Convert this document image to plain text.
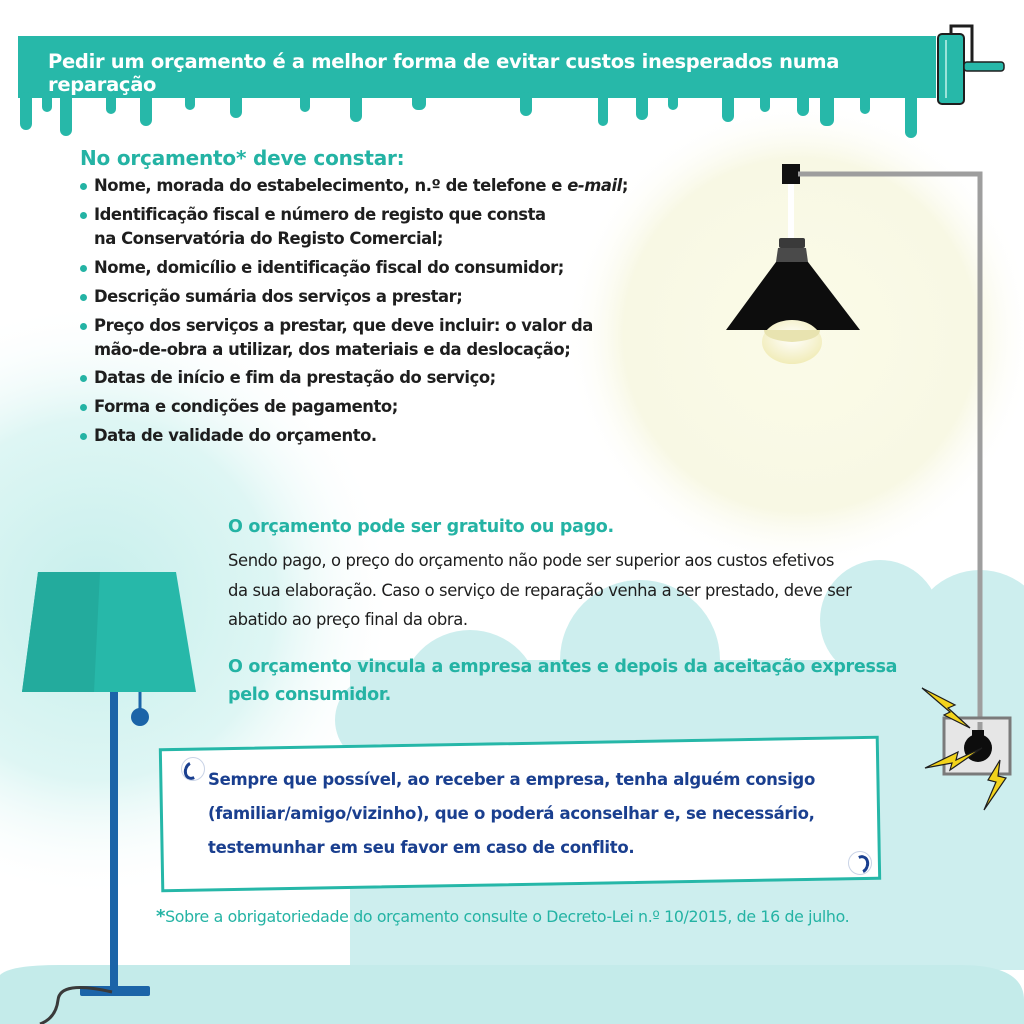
Pedir um orçamento é a melhor forma de evitar custos inesperados numa reparação
No orçamento* deve constar:
Nome, morada do estabelecimento, n.º de telefone e e-mail;
Identificação fiscal e número de registo que consta
na Conservatória do Registo Comercial;
Nome, domicílio e identificação fiscal do consumidor;
Descrição sumária dos serviços a prestar;
Preço dos serviços a prestar, que deve incluir: o valor da
mão-de-obra a utilizar, dos materiais e da deslocação;
Datas de início e fim da prestação do serviço;
Forma e condições de pagamento;
Data de validade do orçamento.
O orçamento pode ser gratuito ou pago.
Sendo pago, o preço do orçamento não pode ser superior aos custos efetivos
da sua elaboração. Caso o serviço de reparação venha a ser prestado, deve ser
abatido ao preço final da obra.
O orçamento vincula a empresa antes e depois da aceitação expressa
pelo consumidor.
Sempre que possível, ao receber a empresa, tenha alguém consigo
(familiar/amigo/vizinho), que o poderá aconselhar e, se necessário,
testemunhar em seu favor em caso de conflito.
*Sobre a obrigatoriedade do orçamento consulte o Decreto-Lei n.º 10/2015, de 16 de julho.
